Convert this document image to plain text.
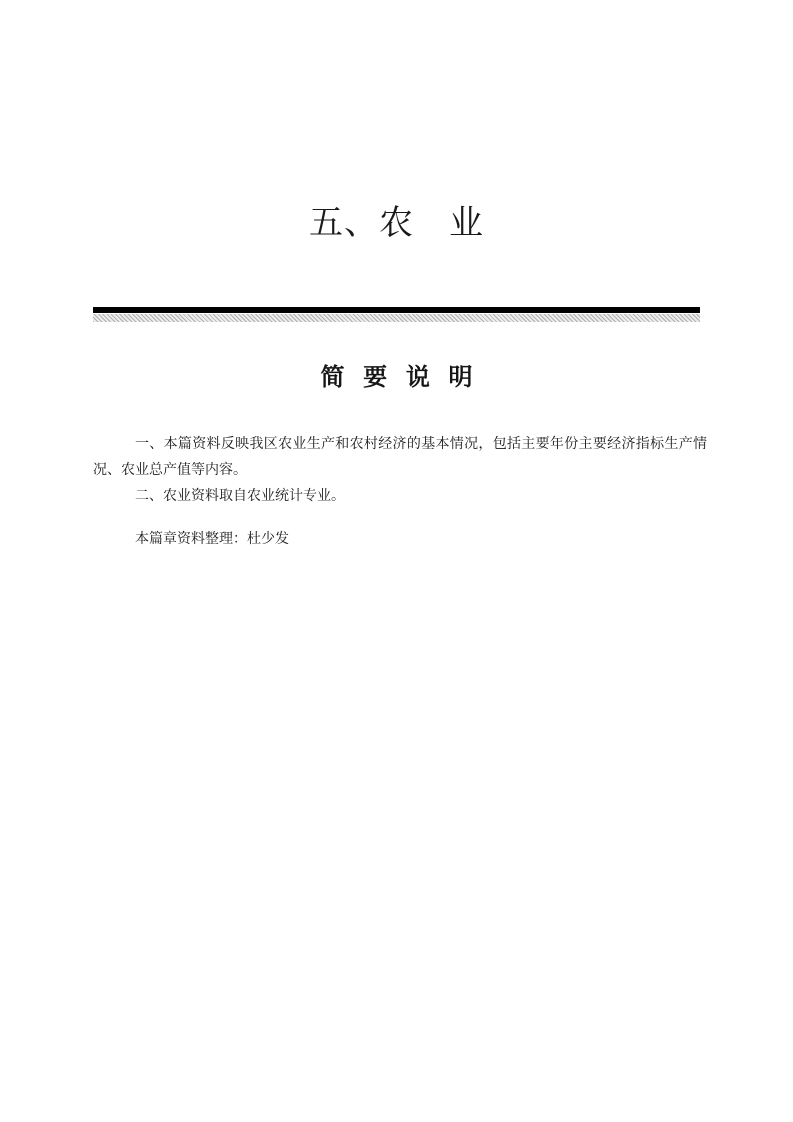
五、农　业
简 要 说 明

一、本篇资料反映我区农业生产和农村经济的基本情况，包括主要年份主要经济指标生产情况、农业总产值等内容。

二、农业资料取自农业统计专业。

本篇章资料整理：杜少发
